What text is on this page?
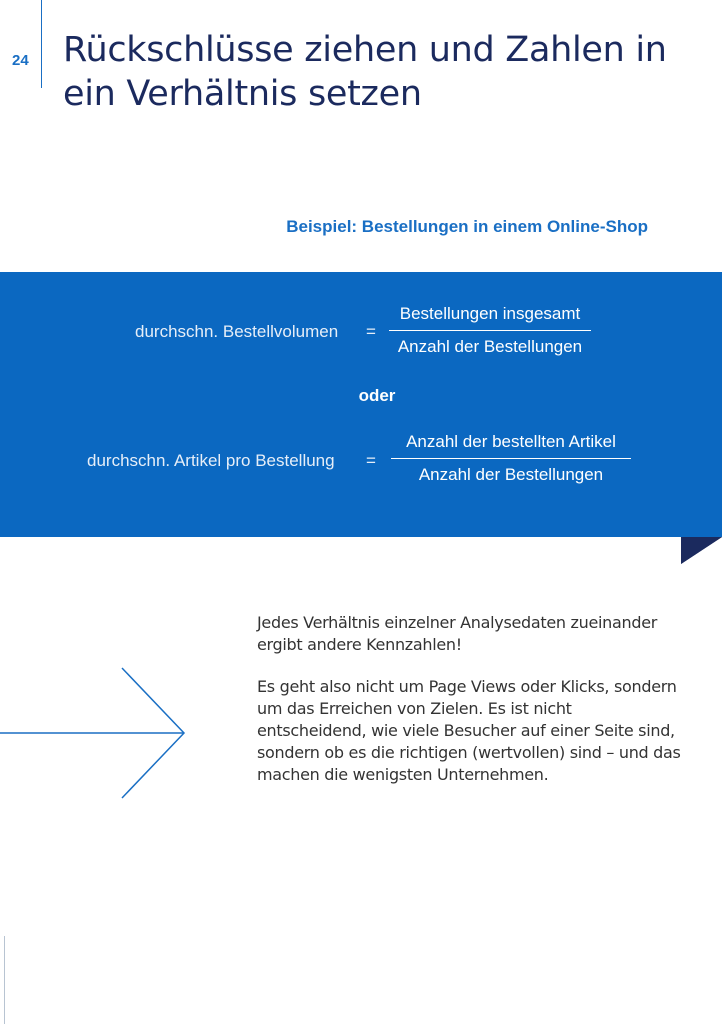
24 Rückschlüsse ziehen und Zahlen in ein Verhältnis setzen
Beispiel: Bestellungen in einem Online-Shop
durchschn. Bestellvolumen =
Bestellungen insgesamt
Anzahl der Bestellungen
oder
durchschn. Artikel pro Bestellung =
Anzahl der bestellten Artikel
Anzahl der Bestellungen

Jedes Verhältnis einzelner Analysedaten zueinander ergibt andere Kennzahlen!

Es geht also nicht um Page Views oder Klicks, sondern um das Erreichen von Zielen. Es ist nicht entscheidend, wie viele Besucher auf einer Seite sind, sondern ob es die richtigen (wertvollen) sind – und das machen die wenigsten Unternehmen.
